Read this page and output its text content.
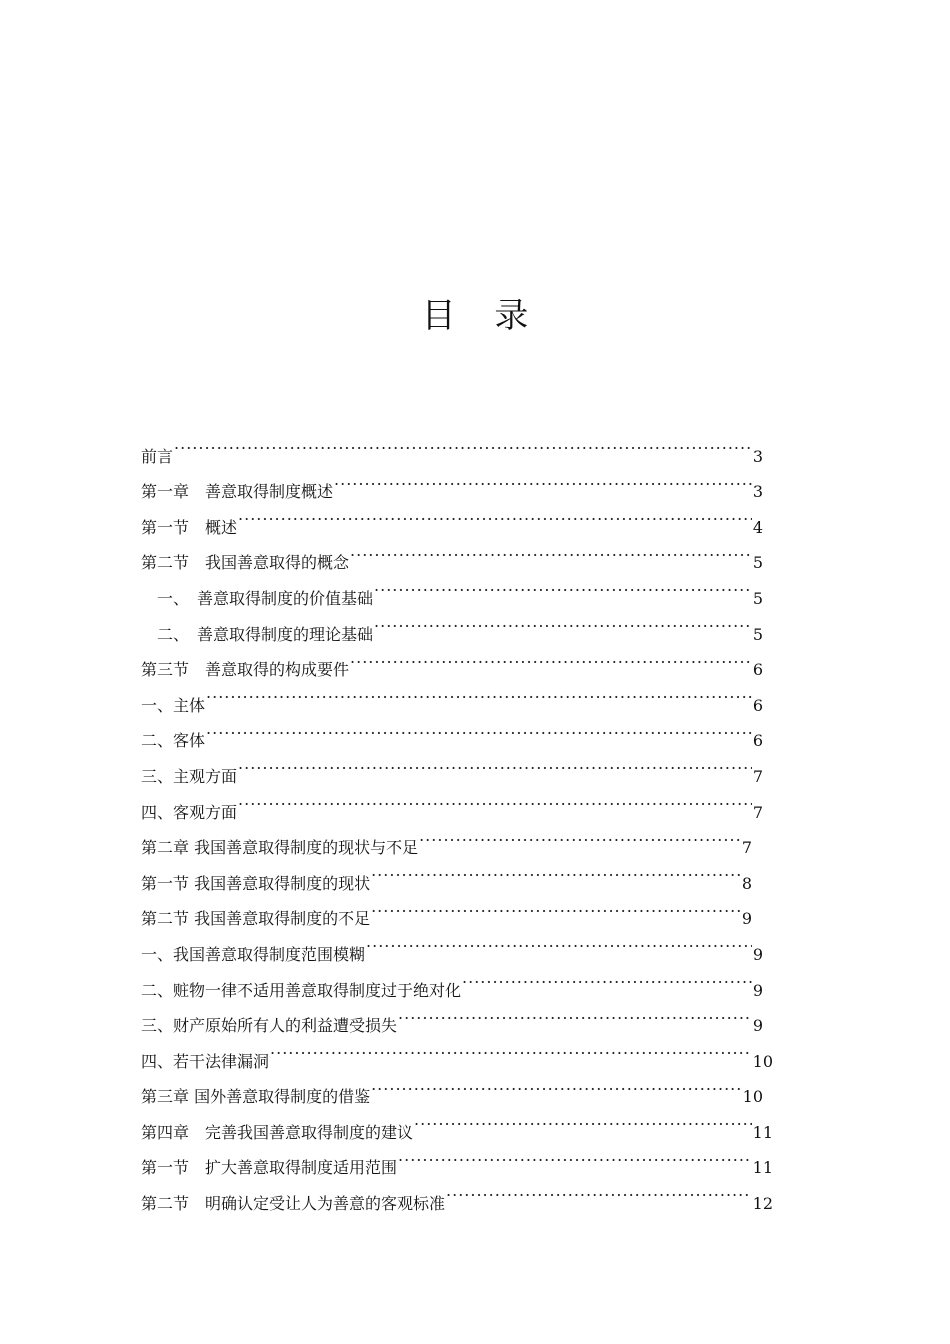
目 录
前言 .....	3
第一章　善意取得制度概述 .....	3
第一节　概述 .....	4
第二节　我国善意取得的概念 .....	5
　一、　善意取得制度的价值基础 .....	5
　二、　善意取得制度的理论基础 .....	5
第三节　善意取得的构成要件 .....	6
一、主体 .....	6
二、客体 .....	6
三、主观方面 .....	7
四、客观方面 .....	7
第二章 我国善意取得制度的现状与不足 .....	7
第一节 我国善意取得制度的现状 .....	8
第二节 我国善意取得制度的不足 .....	9
一、我国善意取得制度范围模糊 .....	9
二、赃物一律不适用善意取得制度过于绝对化 .....	9
三、财产原始所有人的利益遭受损失 .....	9
四、若干法律漏洞 .....	10
第三章 国外善意取得制度的借鉴 .....	10
第四章　完善我国善意取得制度的建议 .....	11
第一节　扩大善意取得制度适用范围 .....	11
第二节　明确认定受让人为善意的客观标准 .....	12
